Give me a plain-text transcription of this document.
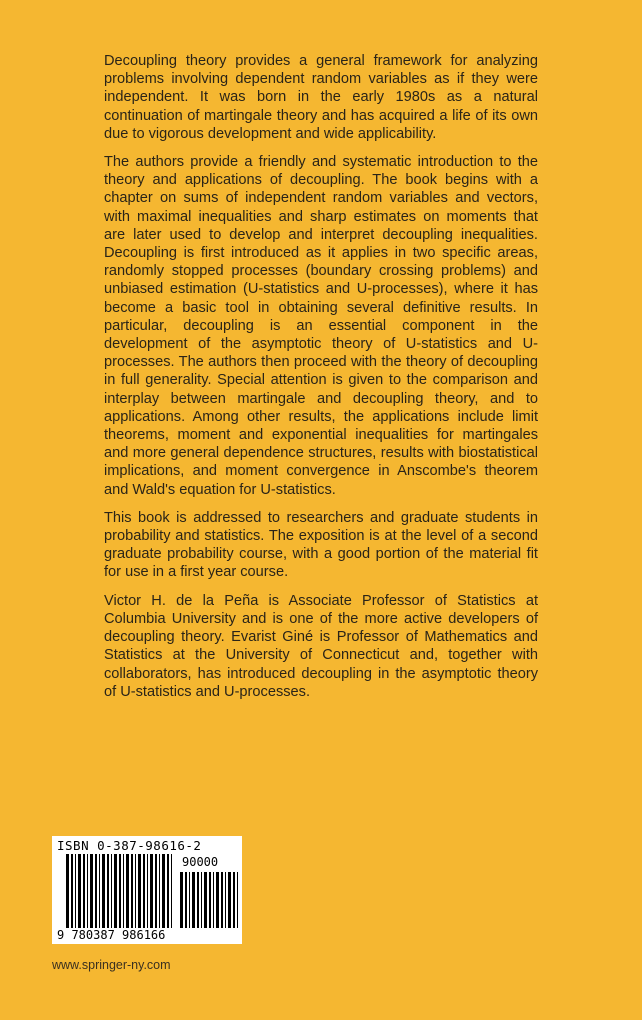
Decoupling theory provides a general framework for analyzing problems involving dependent random variables as if they were independent. It was born in the early 1980s as a natural continuation of martingale theory and has acquired a life of its own due to vigorous development and wide applicability.

The authors provide a friendly and systematic introduction to the theory and applications of decoupling. The book begins with a chapter on sums of independent random variables and vectors, with maximal inequalities and sharp estimates on moments that are later used to develop and interpret decoupling inequalities. Decoupling is first introduced as it applies in two specific areas, randomly stopped processes (boundary crossing problems) and unbiased estimation (U-statistics and U-processes), where it has become a basic tool in obtaining several definitive results. In particular, decoupling is an essential component in the development of the asymptotic theory of U-statistics and U-processes. The authors then proceed with the theory of decoupling in full generality. Special attention is given to the comparison and interplay between martingale and decoupling theory, and to applications. Among other results, the applications include limit theorems, moment and exponential inequalities for martingales and more general dependence structures, results with biostatistical implications, and moment convergence in Anscombe's theorem and Wald's equation for U-statistics.

This book is addressed to researchers and graduate students in probability and statistics. The exposition is at the level of a second graduate probability course, with a good portion of the material fit for use in a first year course.

Victor H. de la Peña is Associate Professor of Statistics at Columbia University and is one of the more active developers of decoupling theory. Evarist Giné is Professor of Mathematics and Statistics at the University of Connecticut and, together with collaborators, has introduced decoupling in the asymptotic theory of U-statistics and U-processes.

ISBN 0-387-98616-2
90000
9 780387 986166
www.springer-ny.com
